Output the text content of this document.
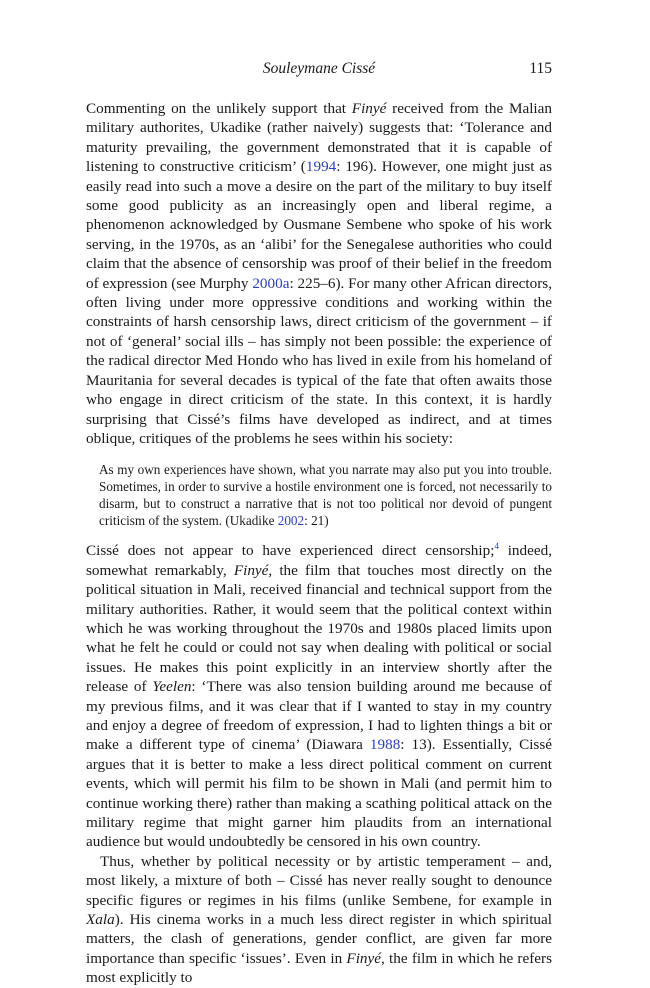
Souleymane Cissé	115

Commenting on the unlikely support that Finyé received from the Malian military authorites, Ukadike (rather naively) suggests that: ‘Tolerance and maturity prevailing, the government demonstrated that it is capable of listening to constructive criticism’ (1994: 196). However, one might just as easily read into such a move a desire on the part of the military to buy itself some good publicity as an increasingly open and liberal regime, a phenomenon acknowledged by Ousmane Sembene who spoke of his work serving, in the 1970s, as an ‘alibi’ for the Senegalese authorities who could claim that the absence of censorship was proof of their belief in the freedom of expression (see Murphy 2000a: 225–6). For many other African directors, often living under more oppressive conditions and working within the constraints of harsh censorship laws, direct criticism of the government – if not of ‘general’ social ills – has simply not been possible: the experience of the radical director Med Hondo who has lived in exile from his homeland of Mauritania for several decades is typical of the fate that often awaits those who engage in direct criticism of the state. In this context, it is hardly surprising that Cissé’s films have developed as indirect, and at times oblique, critiques of the problems he sees within his society:

As my own experiences have shown, what you narrate may also put you into trouble. Sometimes, in order to survive a hostile environment one is forced, not necessarily to disarm, but to construct a narrative that is not too political nor devoid of pungent criticism of the system. (Ukadike 2002: 21)

Cissé does not appear to have experienced direct censorship;$^4$ indeed, somewhat remarkably, Finyé, the film that touches most directly on the political situation in Mali, received financial and technical support from the military authorities. Rather, it would seem that the political context within which he was working throughout the 1970s and 1980s placed limits upon what he felt he could or could not say when dealing with political or social issues. He makes this point explicitly in an interview shortly after the release of Yeelen: ‘There was also tension building around me because of my previous films, and it was clear that if I wanted to stay in my country and enjoy a degree of freedom of expression, I had to lighten things a bit or make a different type of cinema’ (Diawara 1988: 13). Essentially, Cissé argues that it is better to make a less direct political comment on current events, which will permit his film to be shown in Mali (and permit him to continue working there) rather than making a scathing political attack on the military regime that might garner him plaudits from an international audience but would undoubtedly be censored in his own country.

Thus, whether by political necessity or by artistic temperament – and, most likely, a mixture of both – Cissé has never really sought to denounce specific figures or regimes in his films (unlike Sembene, for example in Xala). His cinema works in a much less direct register in which spiritual matters, the clash of generations, gender conflict, are given far more importance than specific ‘issues’. Even in Finyé, the film in which he refers most explicitly to
